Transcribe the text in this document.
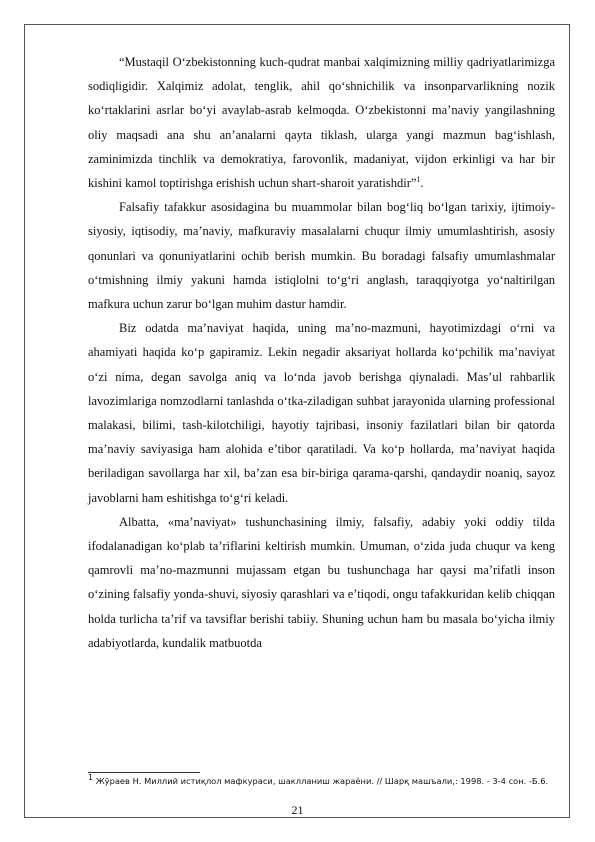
“Mustaqil O‘zbekistonning kuch-qudrat manbai xalqimizning milliy qadriyatlarimizga sodiqligidir. Xalqimiz adolat, tenglik, ahil qo‘shnichilik va insonparvarlikning nozik ko‘rtaklarini asrlar bo‘yi avaylab-asrab kelmoqda. O‘zbekistonni ma’naviy yangilashning oliy maqsadi ana shu an’analarni qayta tiklash, ularga yangi mazmun bag‘ishlash, zaminimizda tinchlik va demokratiya, farovonlik, madaniyat, vijdon erkinligi va har bir kishini kamol toptirishga erishish uchun shart-sharoit yaratishdir”$^1$.

Falsafiy tafakkur asosidagina bu muammolar bilan bog‘liq bo‘lgan tarixiy, ijtimoiy-siyosiy, iqtisodiy, ma’naviy, mafkuraviy masalalarni chuqur ilmiy umumlashtirish, asosiy qonunlari va qonuniyatlarini ochib berish mumkin. Bu boradagi falsafiy umumlashmalar o‘tmishning ilmiy yakuni hamda istiqlolni to‘g‘ri anglash, taraqqiyotga yo‘naltirilgan mafkura uchun zarur bo‘lgan muhim dastur hamdir.

Biz odatda ma’naviyat haqida, uning ma’no-mazmuni, hayotimizdagi o‘rni va ahamiyati haqida ko‘p gapiramiz. Lekin negadir aksariyat hollarda ko‘pchilik ma’naviyat o‘zi nima, degan savolga aniq va lo‘nda javob berishga qiynaladi. Mas’ul rahbarlik lavozimlariga nomzodlarni tanlashda o‘tka-ziladigan suhbat jarayonida ularning professional malakasi, bilimi, tash-kilotchiligi, hayotiy tajribasi, insoniy fazilatlari bilan bir qatorda ma’naviy saviyasiga ham alohida e’tibor qaratiladi. Va ko‘p hollarda, ma’naviyat haqida beriladigan savollarga har xil, ba’zan esa bir-biriga qarama-qarshi, qandaydir noaniq, sayoz javoblarni ham eshitishga to‘g‘ri keladi.

Albatta, «ma’naviyat» tushunchasining ilmiy, falsafiy, adabiy yoki oddiy tilda ifodalanadigan ko‘plab ta’riflarini keltirish mumkin. Umuman, o‘zida juda chuqur va keng qamrovli ma’no-mazmunni mujassam etgan bu tushunchaga har qaysi ma’rifatli inson o‘zining falsafiy yonda-shuvi, siyosiy qarashlari va e’tiqodi, ongu tafakkuridan kelib chiqqan holda turlicha ta’rif va tavsiflar berishi tabiiy. Shuning uchun ham bu masala bo‘yicha ilmiy adabiyotlarda, kundalik matbuotda

$^1$ Жўраев Н. Миллий истиқлол мафкураси, шаклланиш жараёни. // Шарқ машъали,: 1998. - 3-4 сон. -Б.6.
21
